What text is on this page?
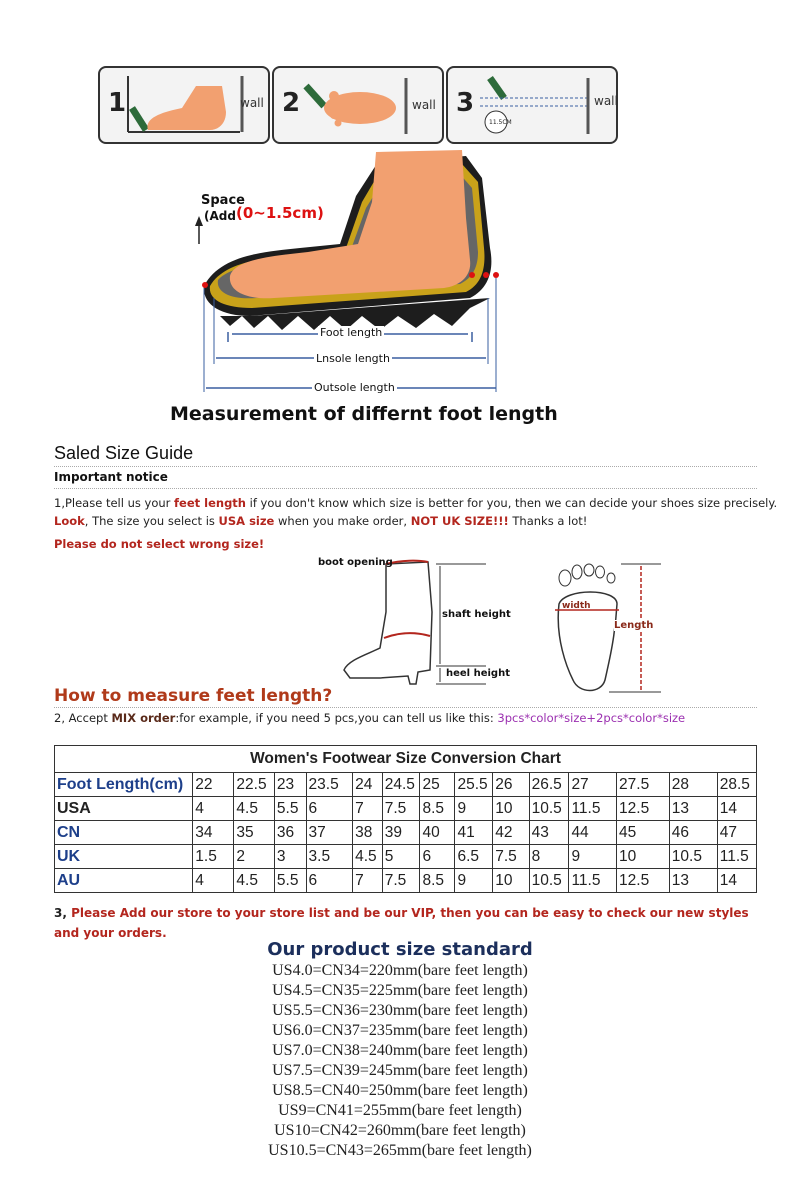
1	wall 2	wall 3
11.5CM
wall
Space
(Add (0~1.5cm)
Foot length
Lnsole length
Outsole length
Measurement of differnt foot length
Saled Size Guide
Important notice
1,Please tell us your feet length if you don't know which size is better for you, then we can decide your shoes size precisely.
Look, The size you select is USA size when you make order, NOT UK SIZE!!! Thanks a lot!
Please do not select wrong size!
boot opening
shaft height
heel height
width
Length
How to measure feet length?
2, Accept MIX order:for example, if you need 5 pcs,you can tell us like this: 3pcs*color*size+2pcs*color*size
Women's Footwear Size Conversion Chart														
Foot Length(cm)	22	22.5	23	23.5	24	24.5	25	25.5	26	26.5	27	27.5	28	28.5
USA	4	4.5	5.5	6	7	7.5	8.5	9	10	10.5	11.5	12.5	13	14
CN	34	35	36	37	38	39	40	41	42	43	44	45	46	47
UK	1.5	2	3	3.5	4.5	5	6	6.5	7.5	8	9	10	10.5	11.5
AU	4	4.5	5.5	6	7	7.5	8.5	9	10	10.5	11.5	12.5	13	14
3, Please Add our store to your store list and be our VIP, then you can be easy to check our new styles
and your orders.
Our product size standard
US4.0=CN34=220mm(bare feet length)
US4.5=CN35=225mm(bare feet length)
US5.5=CN36=230mm(bare feet length)
US6.0=CN37=235mm(bare feet length)
US7.0=CN38=240mm(bare feet length)
US7.5=CN39=245mm(bare feet length)
US8.5=CN40=250mm(bare feet length)
US9=CN41=255mm(bare feet length)
US10=CN42=260mm(bare feet length)
US10.5=CN43=265mm(bare feet length)
